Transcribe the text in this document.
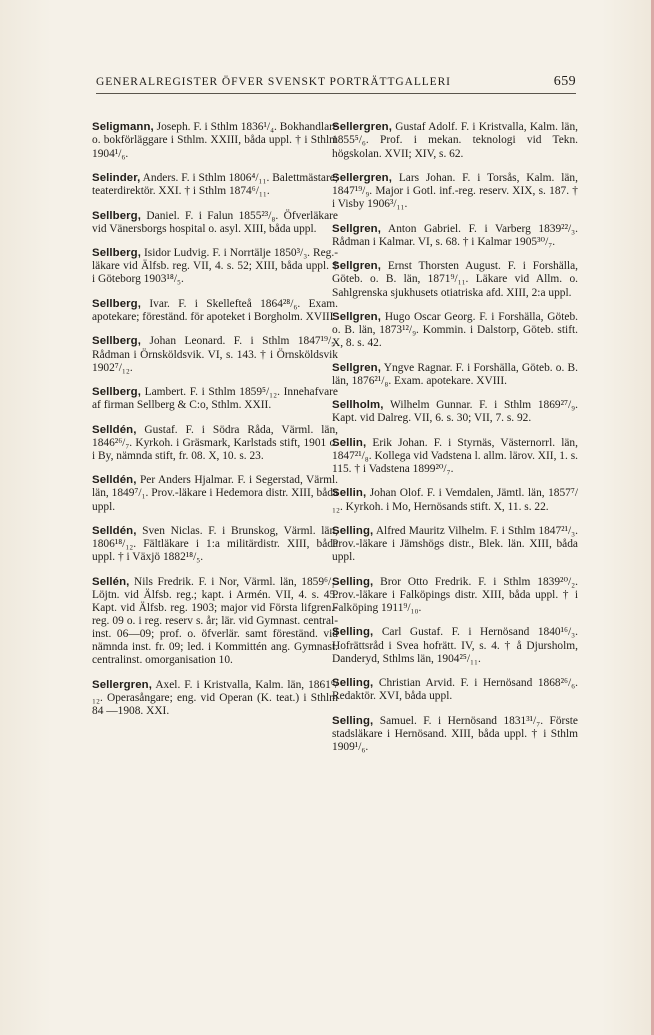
GENERALREGISTER ÖFVER SVENSKT PORTRÄTTGALLERI	659

Seligmann, Joseph. F. i Sthlm 1836¹/₄. Bokhandlare o. bokförläggare i Sthlm. XXIII, båda uppl. † i Sthlm 1904¹/₆.

Selinder, Anders. F. i Sthlm 1806⁴/₁₁. Balettmästare; teaterdirektör. XXI. † i Sthlm 1874⁶/₁₁.

Sellberg, Daniel. F. i Falun 1855²³/₈. Öfverläkare vid Vänersborgs hospital o. asyl. XIII, båda uppl.

Sellberg, Isidor Ludvig. F. i Norrtälje 1850³/₃. Reg.-läkare vid Älfsb. reg. VII, 4. s. 52; XIII, båda uppl. † i Göteborg 1903¹⁸/₅.

Sellberg, Ivar. F. i Skellefteå 1864²⁸/₆. Exam. apotekare; föreständ. för apoteket i Borgholm. XVIII.

Sellberg, Johan Leonard. F. i Sthlm 1847¹⁹/₅. Rådman i Örnsköldsvik. VI, s. 143. † i Örnsköldsvik 1902⁷/₁₂.

Sellberg, Lambert. F. i Sthlm 1859⁵/₁₂. Innehafvare af firman Sellberg & C:o, Sthlm. XXII.

Selldén, Gustaf. F. i Södra Råda, Värml. län, 1846²⁶/₇. Kyrkoh. i Gräsmark, Karlstads stift, 1901 o. i By, nämnda stift, fr. 08. X, 10. s. 23.

Selldén, Per Anders Hjalmar. F. i Segerstad, Värml. län, 1849⁷/₁. Prov.-läkare i Hedemora distr. XIII, båda uppl.

Selldén, Sven Niclas. F. i Brunskog, Värml. län, 1806¹⁸/₁₂. Fältläkare i 1:a militärdistr. XIII, båda uppl. † i Växjö 1882¹⁸/₅.

Sellén, Nils Fredrik. F. i Nor, Värml. län, 1859⁶/₁. Löjtn. vid Älfsb. reg.; kapt. i Armén. VII, 4. s. 45. Kapt. vid Älfsb. reg. 1903; major vid Första lifgren.-reg. 09 o. i reg. reserv s. år; lär. vid Gymnast. central-inst. 06—09; prof. o. öfverlär. samt föreständ. vid nämnda inst. fr. 09; led. i Kommittén ang. Gymnast. centralinst. omorganisation 10.

Sellergren, Axel. F. i Kristvalla, Kalm. län, 1861⁶/₁₂. Operasångare; eng. vid Operan (K. teat.) i Sthlm 84 —1908. XXI.

Sellergren, Gustaf Adolf. F. i Kristvalla, Kalm. län, 1855⁵/₆. Prof. i mekan. teknologi vid Tekn. högskolan. XVII; XIV, s. 62.

Sellergren, Lars Johan. F. i Torsås, Kalm. län, 1847¹⁹/₉. Major i Gotl. inf.-reg. reserv. XIX, s. 187. † i Visby 1906³/₁₁.

Sellgren, Anton Gabriel. F. i Varberg 1839²²/₃. Rådman i Kalmar. VI, s. 68. † i Kalmar 1905³⁰/₇.

Sellgren, Ernst Thorsten August. F. i Forshälla, Göteb. o. B. län, 1871⁹/₁₁. Läkare vid Allm. o. Sahlgrenska sjukhusets otiatriska afd. XIII, 2:a uppl.

Sellgren, Hugo Oscar Georg. F. i Forshälla, Göteb. o. B. län, 1873¹²/₉. Kommin. i Dalstorp, Göteb. stift. X, 8. s. 42.

Sellgren, Yngve Ragnar. F. i Forshälla, Göteb. o. B. län, 1876²¹/₈. Exam. apotekare. XVIII.

Sellholm, Wilhelm Gunnar. F. i Sthlm 1869²⁷/₉. Kapt. vid Dalreg. VII, 6. s. 30; VII, 7. s. 92.

Sellin, Erik Johan. F. i Styrnäs, Västernorrl. län, 1847²¹/₈. Kollega vid Vadstena l. allm. lärov. XII, 1. s. 115. † i Vadstena 1899²⁰/₇.

Sellin, Johan Olof. F. i Vemdalen, Jämtl. län, 1857⁷/₁₂. Kyrkoh. i Mo, Hernösands stift. X, 11. s. 22.

Selling, Alfred Mauritz Vilhelm. F. i Sthlm 1847²¹/₃. Prov.-läkare i Jämshögs distr., Blek. län. XIII, båda uppl.

Selling, Bror Otto Fredrik. F. i Sthlm 1839²⁰/₂. Prov.-läkare i Falköpings distr. XIII, båda uppl. † i Falköping 1911⁹/₁₀.

Selling, Carl Gustaf. F. i Hernösand 1840¹⁶/₃. Hofrättsråd i Svea hofrätt. IV, s. 4. † å Djursholm, Danderyd, Sthlms län, 1904²⁵/₁₁.

Selling, Christian Arvid. F. i Hernösand 1868²⁶/₆. Redaktör. XVI, båda uppl.

Selling, Samuel. F. i Hernösand 1831³¹/₇. Förste stadsläkare i Hernösand. XIII, båda uppl. † i Sthlm 1909¹/₆.
